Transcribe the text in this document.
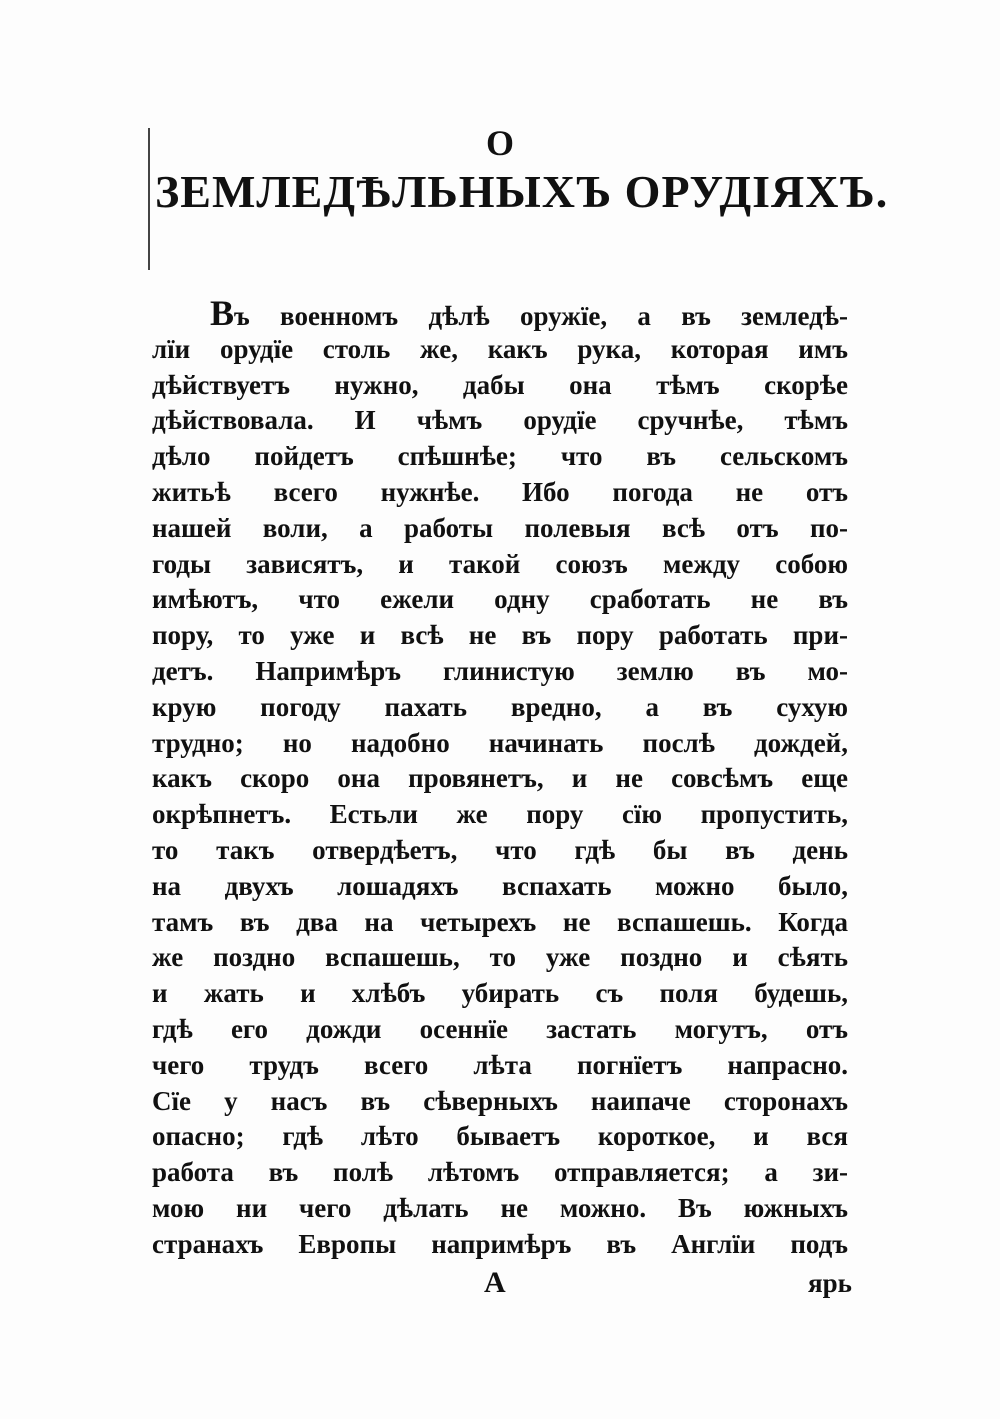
О
ЗЕМЛЕДѢЛЬНЫХЪ ОРУДІЯХЪ.
Въ военномъ дѣлѣ оружїе, а въ земледѣ-
лїи орудїе столь же, какъ рука, которая имъ
дѣйствуетъ нужно, дабы она тѣмъ скорѣе
дѣйствовала. И чѣмъ орудїе сручнѣе, тѣмъ
дѣло пойдетъ спѣшнѣе; что въ сельскомъ
житьѣ всего нужнѣе. Ибо погода не отъ
нашей воли, а работы полевыя всѣ отъ по-
годы зависятъ, и такой союзъ между собою
имѣютъ, что ежели одну сработать не въ
пору, то уже и всѣ не въ пору работать при-
детъ. Напримѣръ глинистую землю въ мо-
крую погоду пахать вредно, а въ сухую
трудно; но надобно начинать послѣ дождей,
какъ скоро она провянетъ, и не совсѣмъ еще
окрѣпнетъ. Естьли же пору сїю пропустить,
то такъ отвердѣетъ, что гдѣ бы въ день
на двухъ лошадяхъ вспахать можно было,
тамъ въ два на четырехъ не вспашешь. Когда
же поздно вспашешь, то уже поздно и сѣять
и жать и хлѣбъ убирать съ поля будешь,
гдѣ его дожди осеннїе застать могутъ, отъ
чего трудъ всего лѣта погнїетъ напрасно.
Сїе у насъ въ сѣверныхъ наипаче сторонахъ
опасно; гдѣ лѣто бываетъ короткое, и вся
работа въ полѣ лѣтомъ отправляется; а зи-
мою ни чего дѣлать не можно. Въ южныхъ
странахъ Европы напримѣръ въ Англїи подъ
А	ярь
